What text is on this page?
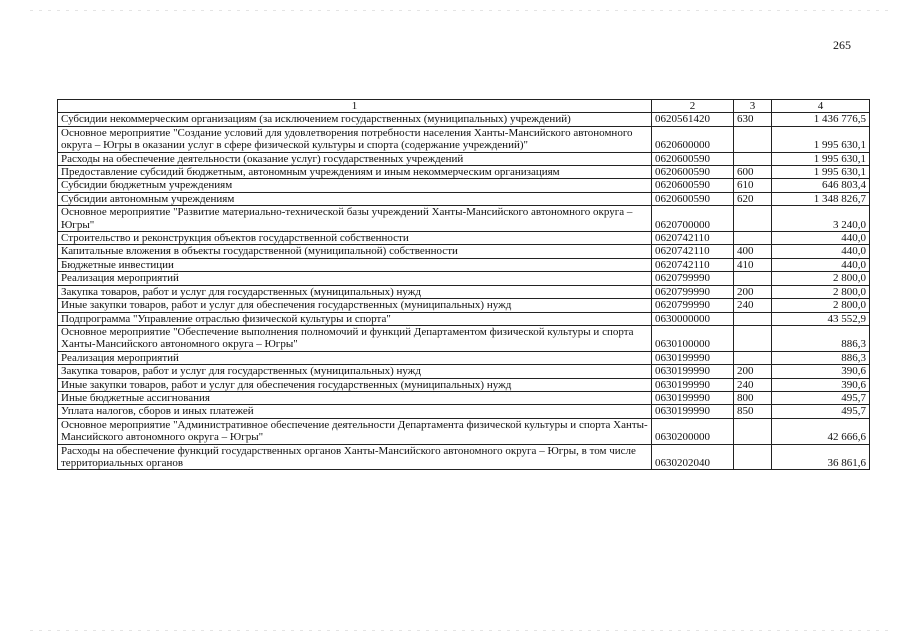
265
1	2	3	4
Субсидии некоммерческим организациям (за исключением государственных (муниципальных) учреждений)	0620561420	630	1 436 776,5
Основное мероприятие "Создание условий для удовлетворения потребности населения Ханты-Мансийского автономного округа – Югры в оказании услуг в сфере физической культуры и спорта (содержание учреждений)"	0620600000		1 995 630,1
Расходы на обеспечение деятельности (оказание услуг) государственных учреждений	0620600590		1 995 630,1
Предоставление субсидий бюджетным, автономным учреждениям и иным некоммерческим организациям	0620600590	600	1 995 630,1
Субсидии бюджетным учреждениям	0620600590	610	646 803,4
Субсидии автономным учреждениям	0620600590	620	1 348 826,7
Основное мероприятие "Развитие материально-технической базы учреждений Ханты-Мансийского автономного округа – Югры"	0620700000		3 240,0
Строительство и реконструкция объектов государственной собственности	0620742110		440,0
Капитальные вложения в объекты государственной (муниципальной) собственности	0620742110	400	440,0
Бюджетные инвестиции	0620742110	410	440,0
Реализация мероприятий	0620799990		2 800,0
Закупка товаров, работ и услуг для государственных (муниципальных) нужд	0620799990	200	2 800,0
Иные закупки товаров, работ и услуг для обеспечения государственных (муниципальных) нужд	0620799990	240	2 800,0
Подпрограмма "Управление отраслью физической культуры и спорта"	0630000000		43 552,9
Основное мероприятие "Обеспечение выполнения полномочий и функций Департаментом физической культуры и спорта Ханты-Мансийского автономного округа – Югры"	0630100000		886,3
Реализация мероприятий	0630199990		886,3
Закупка товаров, работ и услуг для государственных (муниципальных) нужд	0630199990	200	390,6
Иные закупки товаров, работ и услуг для обеспечения государственных (муниципальных) нужд	0630199990	240	390,6
Иные бюджетные ассигнования	0630199990	800	495,7
Уплата налогов, сборов и иных платежей	0630199990	850	495,7
Основное мероприятие "Административное обеспечение деятельности Департамента физической культуры и спорта Ханты-Мансийского автономного округа – Югры"	0630200000		42 666,6
Расходы на обеспечение функций государственных органов Ханты-Мансийского автономного округа – Югры, в том числе территориальных органов	0630202040		36 861,6
